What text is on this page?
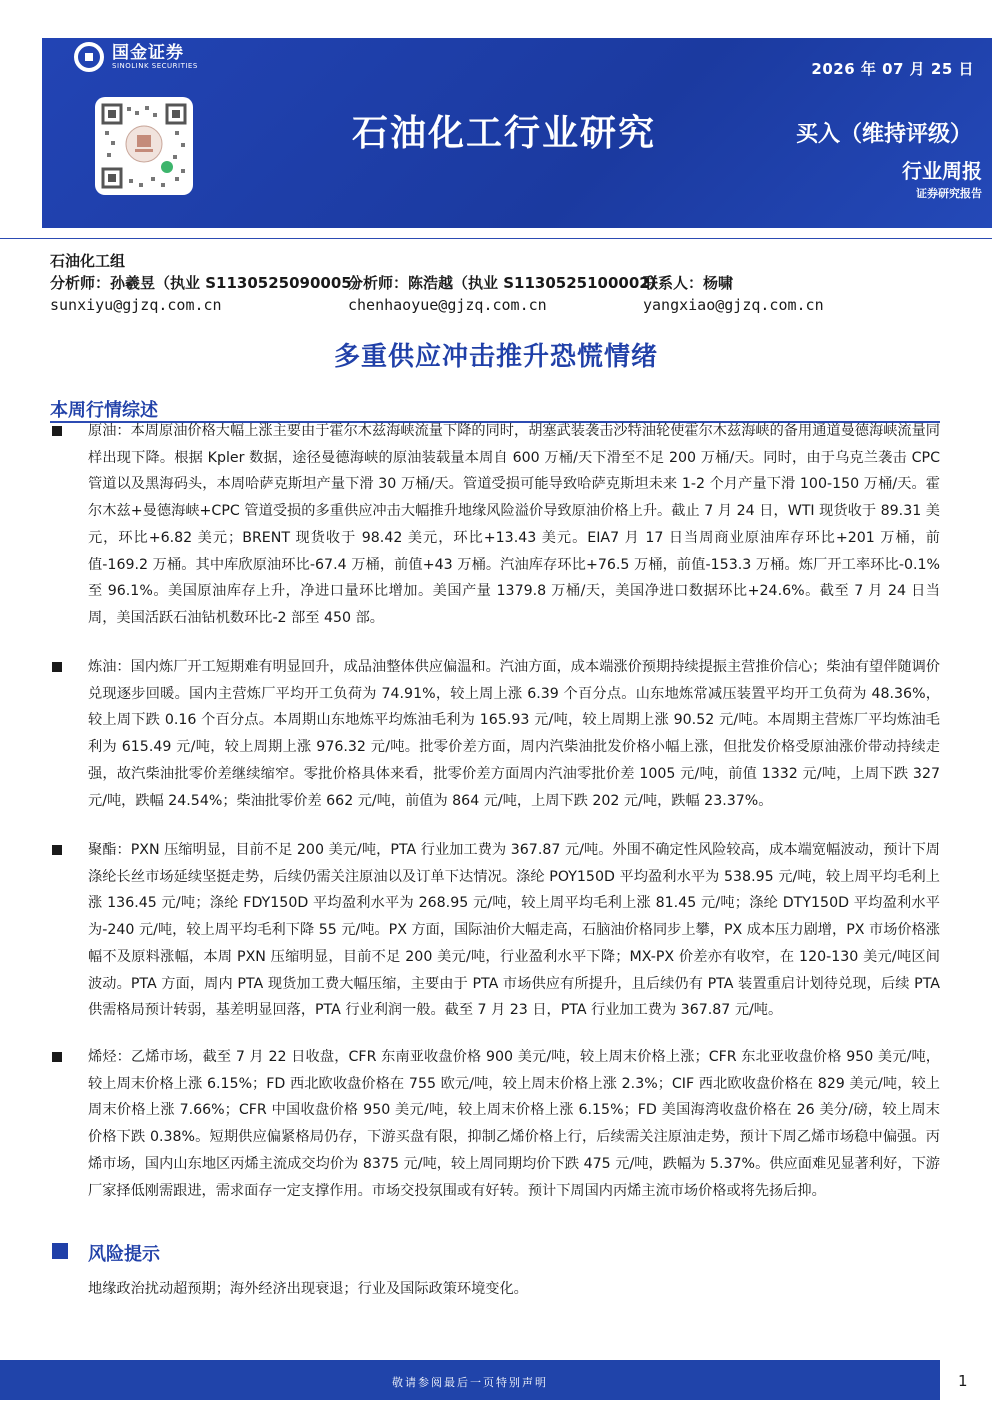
国金证券
SINOLINK SECURITIES	2026 年 07 月 25 日
石油化工行业研究	买入（维持评级）
行业周报
证券研究报告
石油化工组
分析师：孙羲昱（执业 S1130525090005）
分析师：陈浩越（执业 S1130525100002）
联系人：杨啸
sunxiyu@gjzq.com.cn	chenhaoyue@gjzq.com.cn	yangxiao@gjzq.com.cn
多重供应冲击推升恐慌情绪
本周行情综述
原油：本周原油价格大幅上涨主要由于霍尔木兹海峡流量下降的同时，胡塞武装袭击沙特油轮使霍尔木兹海峡的备用通道曼德海峡流量同样出现下降。根据 Kpler 数据，途径曼德海峡的原油装载量本周自 600 万桶/天下滑至不足 200 万桶/天。同时，由于乌克兰袭击 CPC 管道以及黑海码头，本周哈萨克斯坦产量下滑 30 万桶/天。管道受损可能导致哈萨克斯坦未来 1-2 个月产量下滑 100-150 万桶/天。霍尔木兹+曼德海峡+CPC 管道受损的多重供应冲击大幅推升地缘风险溢价导致原油价格上升。截止 7 月 24 日，WTI 现货收于 89.31 美元，环比+6.82 美元；BRENT 现货收于 98.42 美元，环比+13.43 美元。EIA7 月 17 日当周商业原油库存环比+201 万桶，前值-169.2 万桶。其中库欣原油环比-67.4 万桶，前值+43 万桶。汽油库存环比+76.5 万桶，前值-153.3 万桶。炼厂开工率环比-0.1%至 96.1%。美国原油库存上升，净进口量环比增加。美国产量 1379.8 万桶/天，美国净进口数据环比+24.6%。截至 7 月 24 日当周，美国活跃石油钻机数环比-2 部至 450 部。
炼油：国内炼厂开工短期难有明显回升，成品油整体供应偏温和。汽油方面，成本端涨价预期持续提振主营推价信心；柴油有望伴随调价兑现逐步回暖。国内主营炼厂平均开工负荷为 74.91%，较上周上涨 6.39 个百分点。山东地炼常减压装置平均开工负荷为 48.36%，较上周下跌 0.16 个百分点。本周期山东地炼平均炼油毛利为 165.93 元/吨，较上周期上涨 90.52 元/吨。本周期主营炼厂平均炼油毛利为 615.49 元/吨，较上周期上涨 976.32 元/吨。批零价差方面，周内汽柴油批发价格小幅上涨，但批发价格受原油涨价带动持续走强，故汽柴油批零价差继续缩窄。零批价格具体来看，批零价差方面周内汽油零批价差 1005 元/吨，前值 1332 元/吨，上周下跌 327 元/吨，跌幅 24.54%；柴油批零价差 662 元/吨，前值为 864 元/吨，上周下跌 202 元/吨，跌幅 23.37%。
聚酯：PXN 压缩明显，目前不足 200 美元/吨，PTA 行业加工费为 367.87 元/吨。外围不确定性风险较高，成本端宽幅波动，预计下周涤纶长丝市场延续坚挺走势，后续仍需关注原油以及订单下达情况。涤纶 POY150D 平均盈利水平为 538.95 元/吨，较上周平均毛利上涨 136.45 元/吨；涤纶 FDY150D 平均盈利水平为 268.95 元/吨，较上周平均毛利上涨 81.45 元/吨；涤纶 DTY150D 平均盈利水平为-240 元/吨，较上周平均毛利下降 55 元/吨。PX 方面，国际油价大幅走高，石脑油价格同步上攀，PX 成本压力剧增，PX 市场价格涨幅不及原料涨幅，本周 PXN 压缩明显，目前不足 200 美元/吨，行业盈利水平下降；MX-PX 价差亦有收窄，在 120-130 美元/吨区间波动。PTA 方面，周内 PTA 现货加工费大幅压缩，主要由于 PTA 市场供应有所提升，且后续仍有 PTA 装置重启计划待兑现，后续 PTA 供需格局预计转弱，基差明显回落，PTA 行业利润一般。截至 7 月 23 日，PTA 行业加工费为 367.87 元/吨。
烯烃：乙烯市场，截至 7 月 22 日收盘，CFR 东南亚收盘价格 900 美元/吨，较上周末价格上涨；CFR 东北亚收盘价格 950 美元/吨，较上周末价格上涨 6.15%；FD 西北欧收盘价格在 755 欧元/吨，较上周末价格上涨 2.3%；CIF 西北欧收盘价格在 829 美元/吨，较上周末价格上涨 7.66%；CFR 中国收盘价格 950 美元/吨，较上周末价格上涨 6.15%；FD 美国海湾收盘价格在 26 美分/磅，较上周末价格下跌 0.38%。短期供应偏紧格局仍存，下游买盘有限，抑制乙烯价格上行，后续需关注原油走势，预计下周乙烯市场稳中偏强。丙烯市场，国内山东地区丙烯主流成交均价为 8375 元/吨，较上周同期均价下跌 475 元/吨，跌幅为 5.37%。供应面难见显著利好，下游厂家择低刚需跟进，需求面存一定支撑作用。市场交投氛围或有好转。预计下周国内丙烯主流市场价格或将先扬后抑。
风险提示
地缘政治扰动超预期；海外经济出现衰退；行业及国际政策环境变化。
敬请参阅最后一页特别声明	1
